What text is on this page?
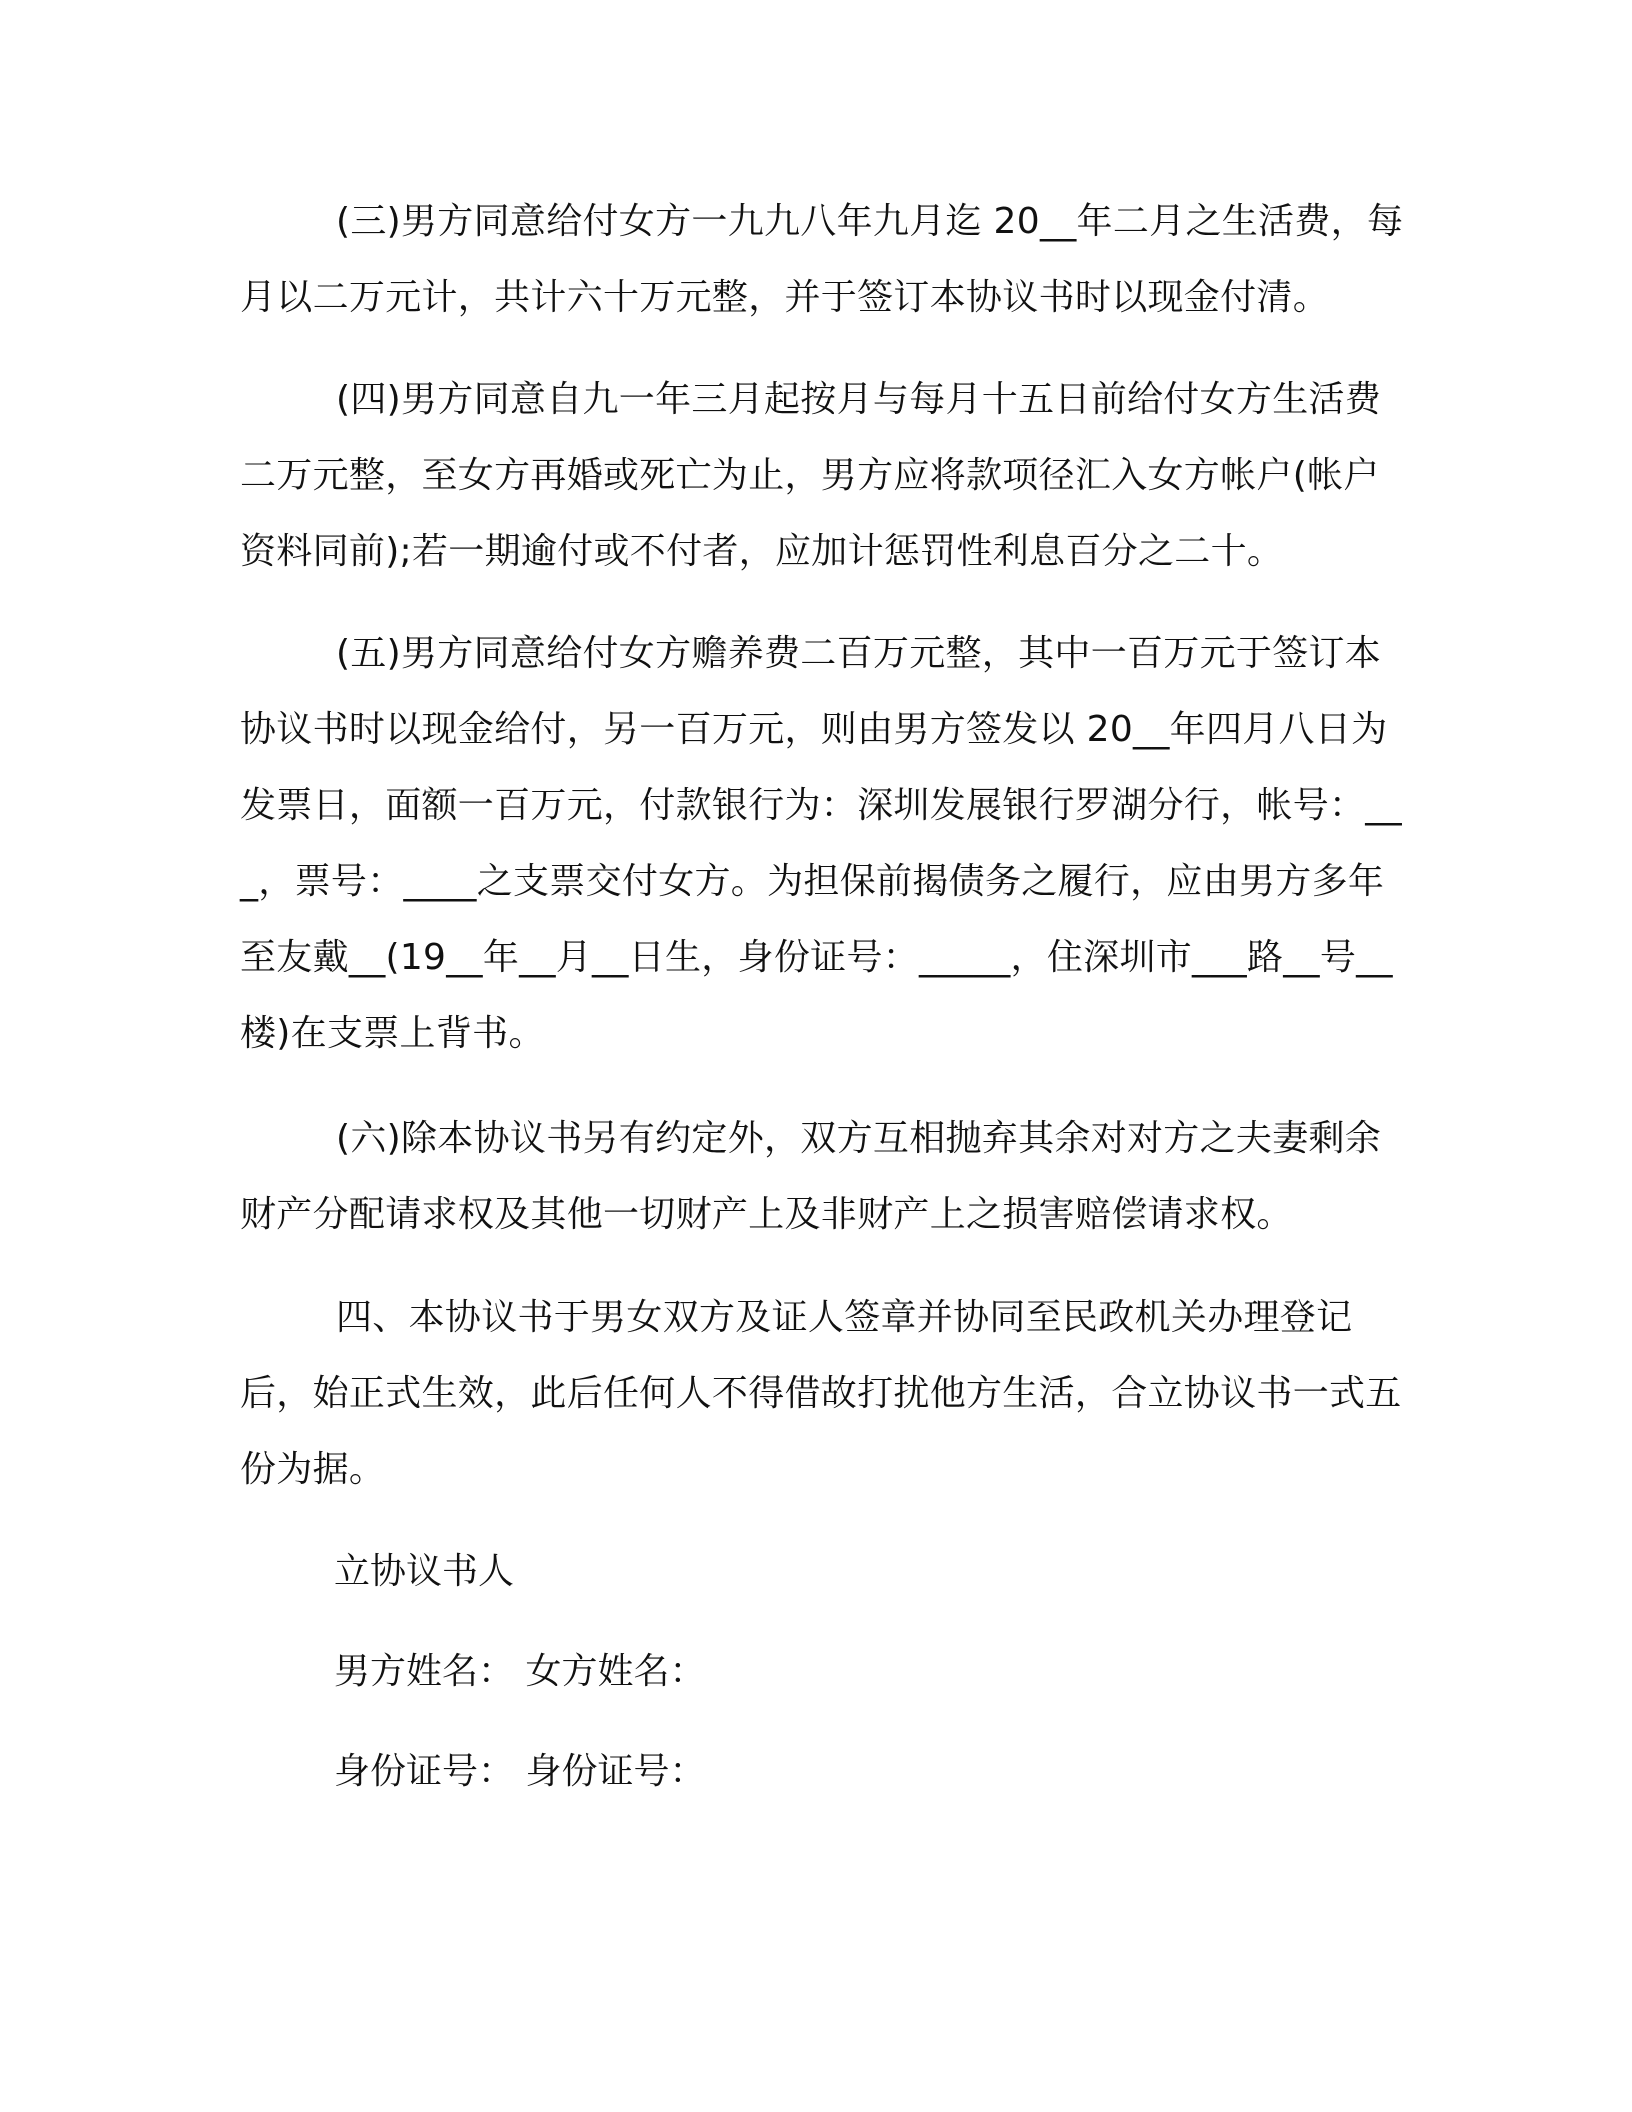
(三)男方同意给付女方一九九八年九月迄 20__年二月之生活费，每月以二万元计，共计六十万元整，并于签订本协议书时以现金付清。

(四)男方同意自九一年三月起按月与每月十五日前给付女方生活费二万元整，至女方再婚或死亡为止，男方应将款项径汇入女方帐户(帐户资料同前);若一期逾付或不付者，应加计惩罚性利息百分之二十。

(五)男方同意给付女方赡养费二百万元整，其中一百万元于签订本协议书时以现金给付，另一百万元，则由男方签发以 20__年四月八日为发票日，面额一百万元，付款银行为：深圳发展银行罗湖分行，帐号：___，票号：____之支票交付女方。为担保前揭债务之履行，应由男方多年至友戴__(19__年__月__日生，身份证号：_____，住深圳市___路__号__楼)在支票上背书。

(六)除本协议书另有约定外，双方互相抛弃其余对对方之夫妻剩余财产分配请求权及其他一切财产上及非财产上之损害赔偿请求权。

四、本协议书于男女双方及证人签章并协同至民政机关办理登记后，始正式生效，此后任何人不得借故打扰他方生活，合立协议书一式五份为据。

立协议书人

男方姓名： 女方姓名：

身份证号： 身份证号：
